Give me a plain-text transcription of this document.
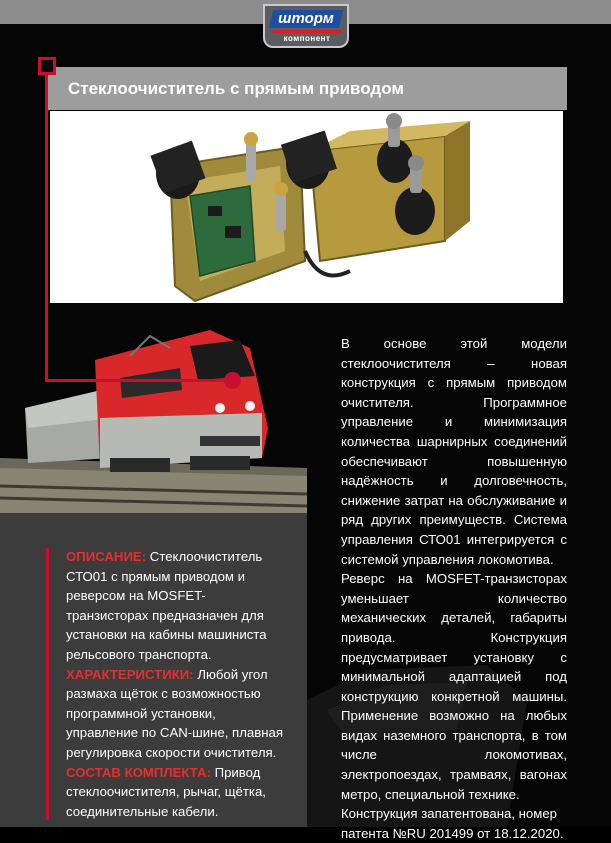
шторм
компонент
Стеклоочиститель с прямым приводом

ОПИСАНИЕ: Стеклоочиститель СТО01 с прямым приводом и реверсом на MOSFET-транзисторах предназначен для установки на кабины машиниста рельсового транспорта.

ХАРАКТЕРИСТИКИ: Любой угол размаха щёток с возможностью программной установки, управление по CAN-шине, плавная регулировка скорости очистителя.

СОСТАВ КОМПЛЕКТА: Привод стеклоочистителя, рычаг, щётка, соединительные кабели.

В основе этой модели стеклоочистителя – новая конструкция с прямым приводом очистителя. Программное управление и минимизация количества шарнирных соединений обеспечивают повышенную надёжность и долговечность, снижение затрат на обслуживание и ряд других преимуществ. Система управления СТО01 интегрируется с системой управления локомотива.

Реверс на MOSFET-транзисторах уменьшает количество механических деталей, габариты привода. Конструкция предусматривает установку с минимальной адаптацией под конструкцию конкретной машины. Применение возможно на любых видах наземного транспорта, в том числе локомотивах, электропоездах, трамваях, вагонах метро, специальной технике.

Конструкция запатентована, номер патента №RU 201499 от 18.12.2020.
